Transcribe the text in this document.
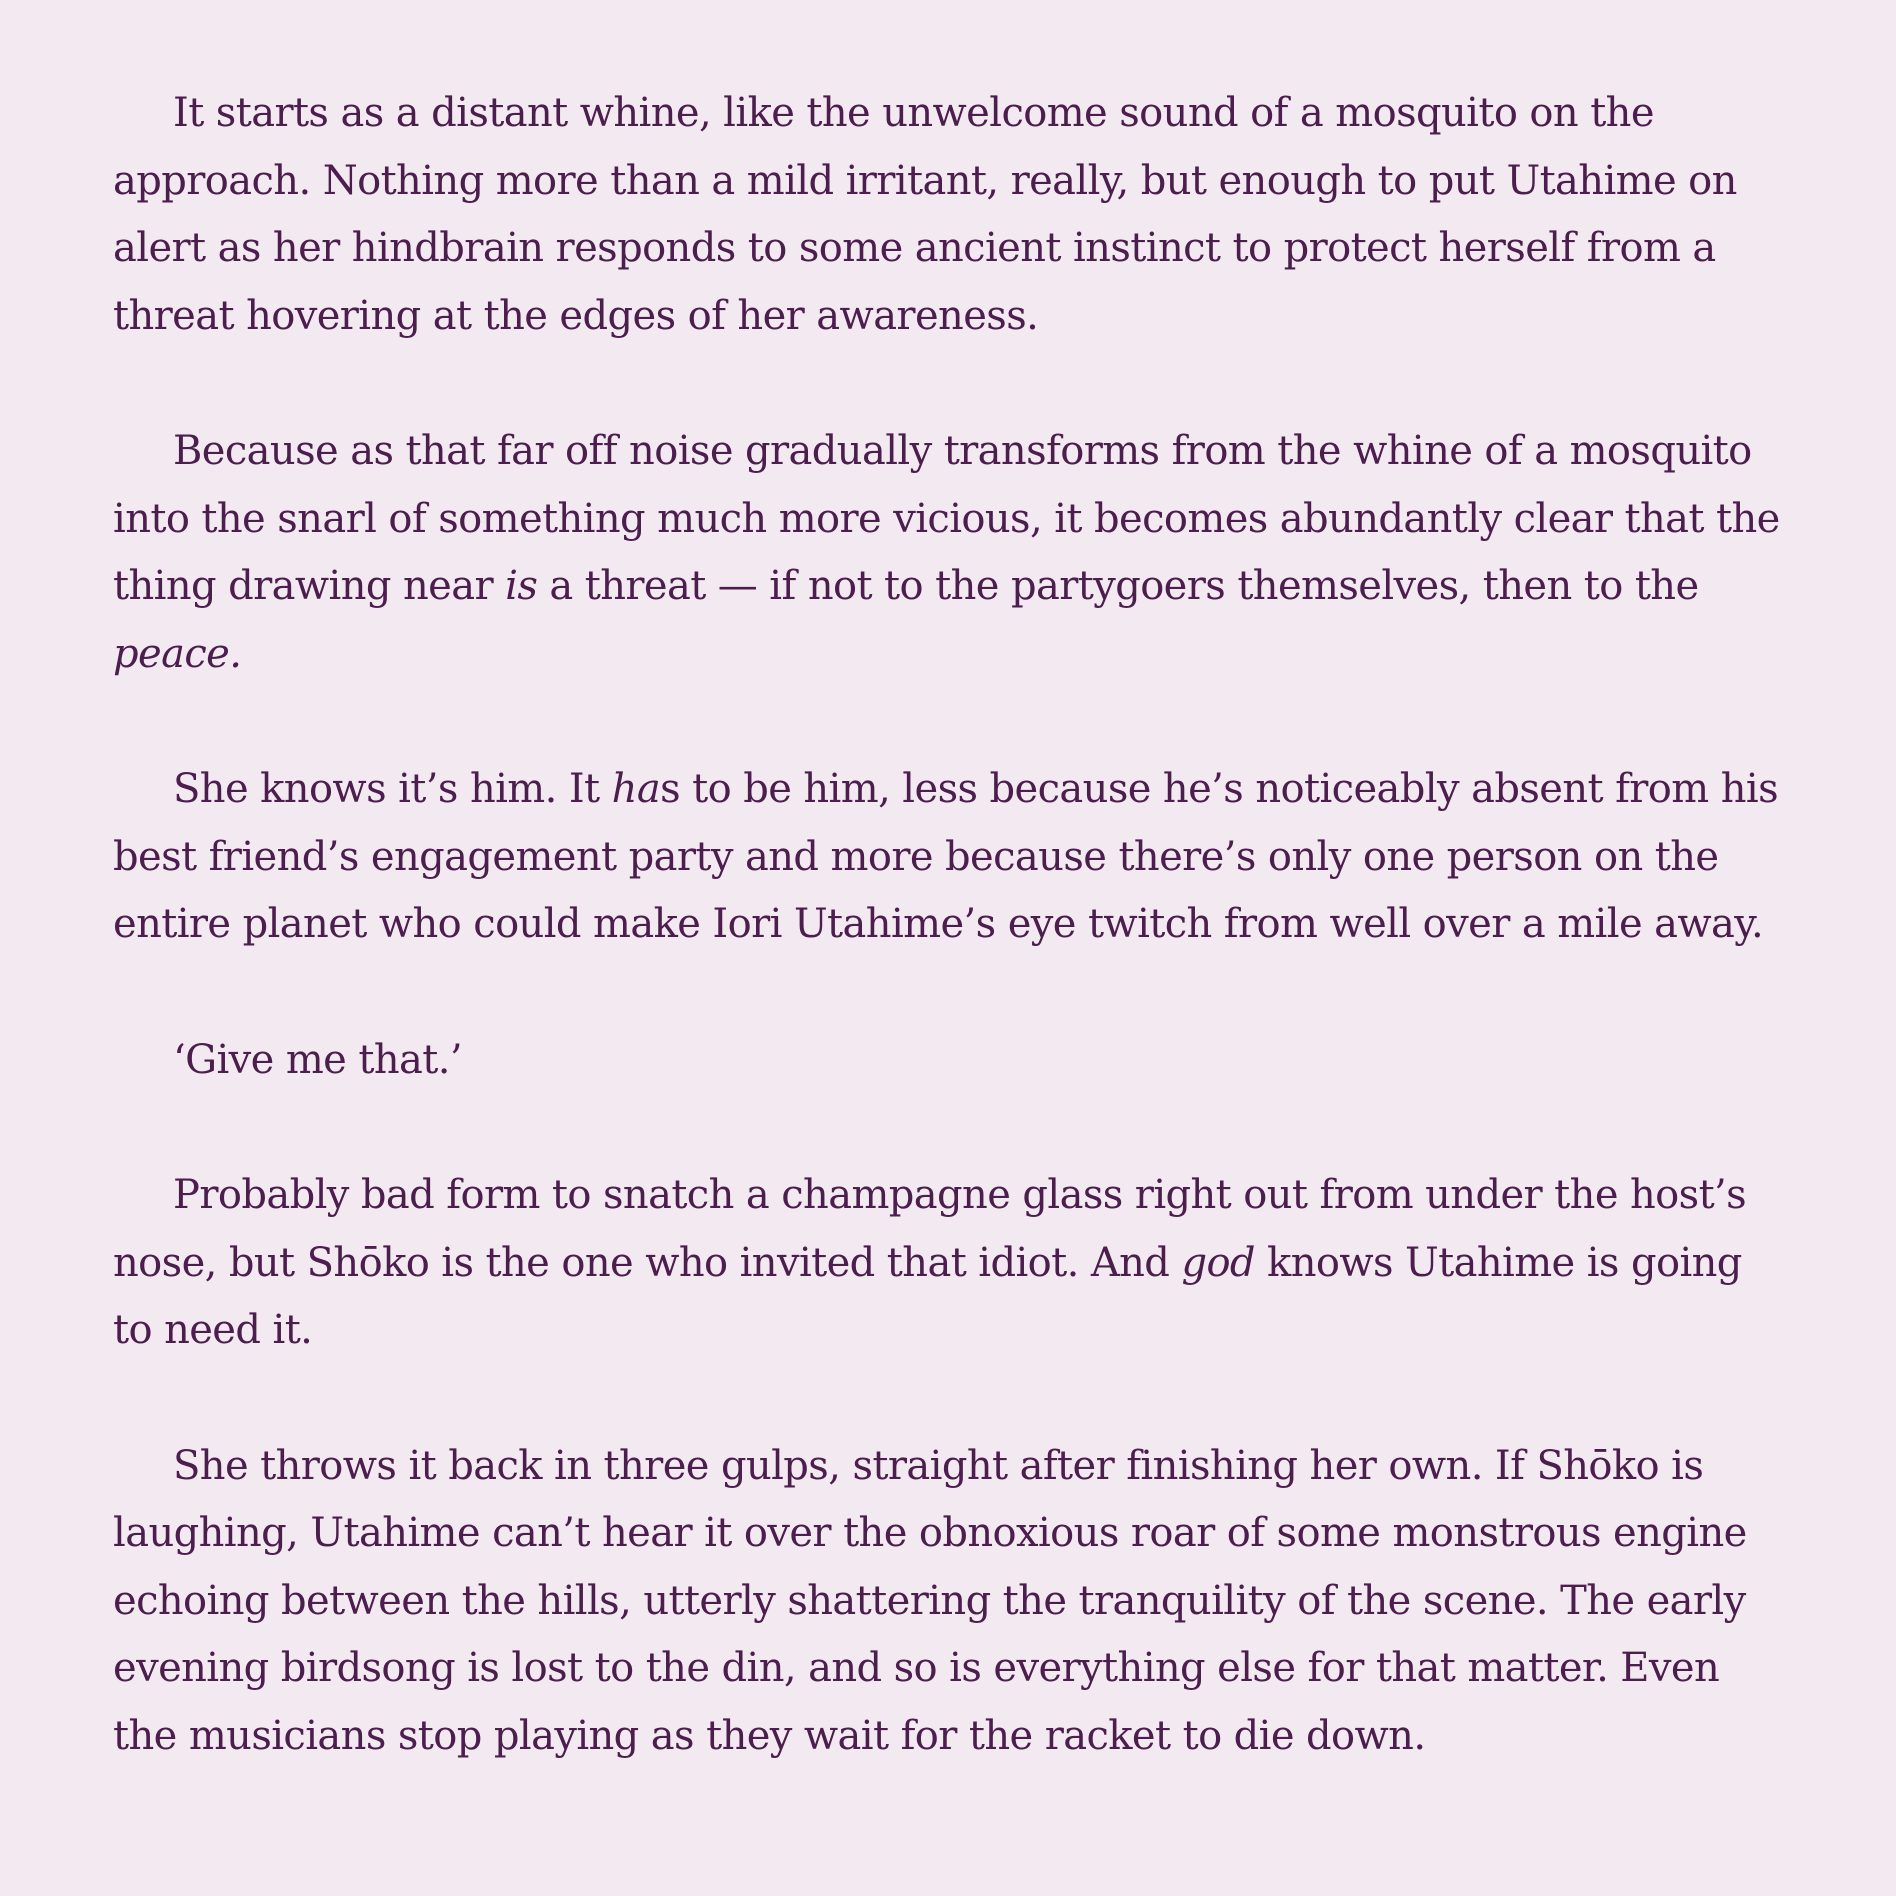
It starts as a distant whine, like the unwelcome sound of a mosquito on the approach. Nothing more than a mild irritant, really, but enough to put Utahime on alert as her hindbrain responds to some ancient instinct to protect herself from a threat hovering at the edges of her awareness.

Because as that far off noise gradually transforms from the whine of a mosquito into the snarl of something much more vicious, it becomes abundantly clear that the thing drawing near is a threat — if not to the partygoers themselves, then to the peace.

She knows it’s him. It has to be him, less because he’s noticeably absent from his best friend’s engagement party and more because there’s only one person on the entire planet who could make Iori Utahime’s eye twitch from well over a mile away.

‘Give me that.’

Probably bad form to snatch a champagne glass right out from under the host’s nose, but Shōko is the one who invited that idiot. And god knows Utahime is going to need it.

She throws it back in three gulps, straight after finishing her own. If Shōko is laughing, Utahime can’t hear it over the obnoxious roar of some monstrous engine echoing between the hills, utterly shattering the tranquility of the scene. The early evening birdsong is lost to the din, and so is everything else for that matter. Even the musicians stop playing as they wait for the racket to die down.
